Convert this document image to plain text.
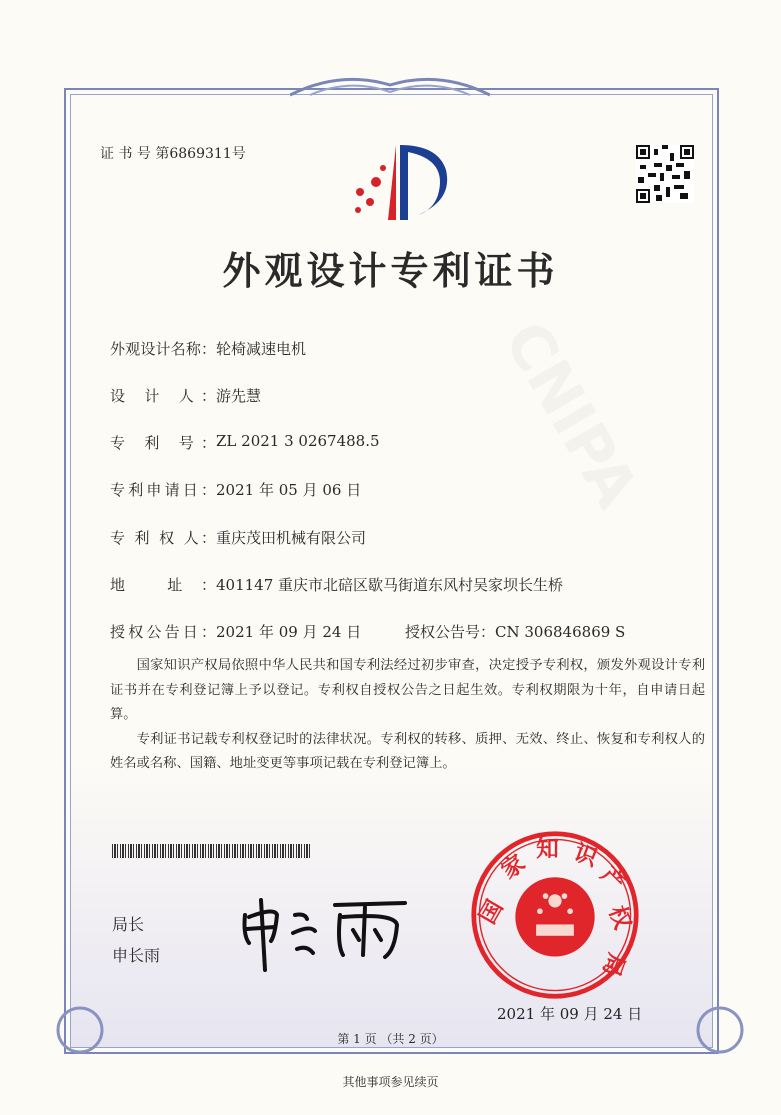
证 书 号 第6869311号
外观设计专利证书
外观设计名称：轮椅减速电机
设 计 人：游先慧
专 利 号：ZL 2021 3 0267488.5
专利申请日：2021 年 05 月 06 日
专 利 权 人：重庆茂田机械有限公司
地 址：401147 重庆市北碚区歇马街道东风村吴家坝长生桥
授权公告日：2021 年 09 月 24 日	授权公告号：CN 306846869 S

国家知识产权局依照中华人民共和国专利法经过初步审查，决定授予专利权，颁发外观设计专利证书并在专利登记簿上予以登记。专利权自授权公告之日起生效。专利权期限为十年，自申请日起算。

专利证书记载专利权登记时的法律状况。专利权的转移、质押、无效、终止、恢复和专利权人的姓名或名称、国籍、地址变更等事项记载在专利登记簿上。

局长
申长雨
国
家
知 识
产
权
局
2021 年 09 月 24 日
第 1 页 （共 2 页）
其他事项参见续页
